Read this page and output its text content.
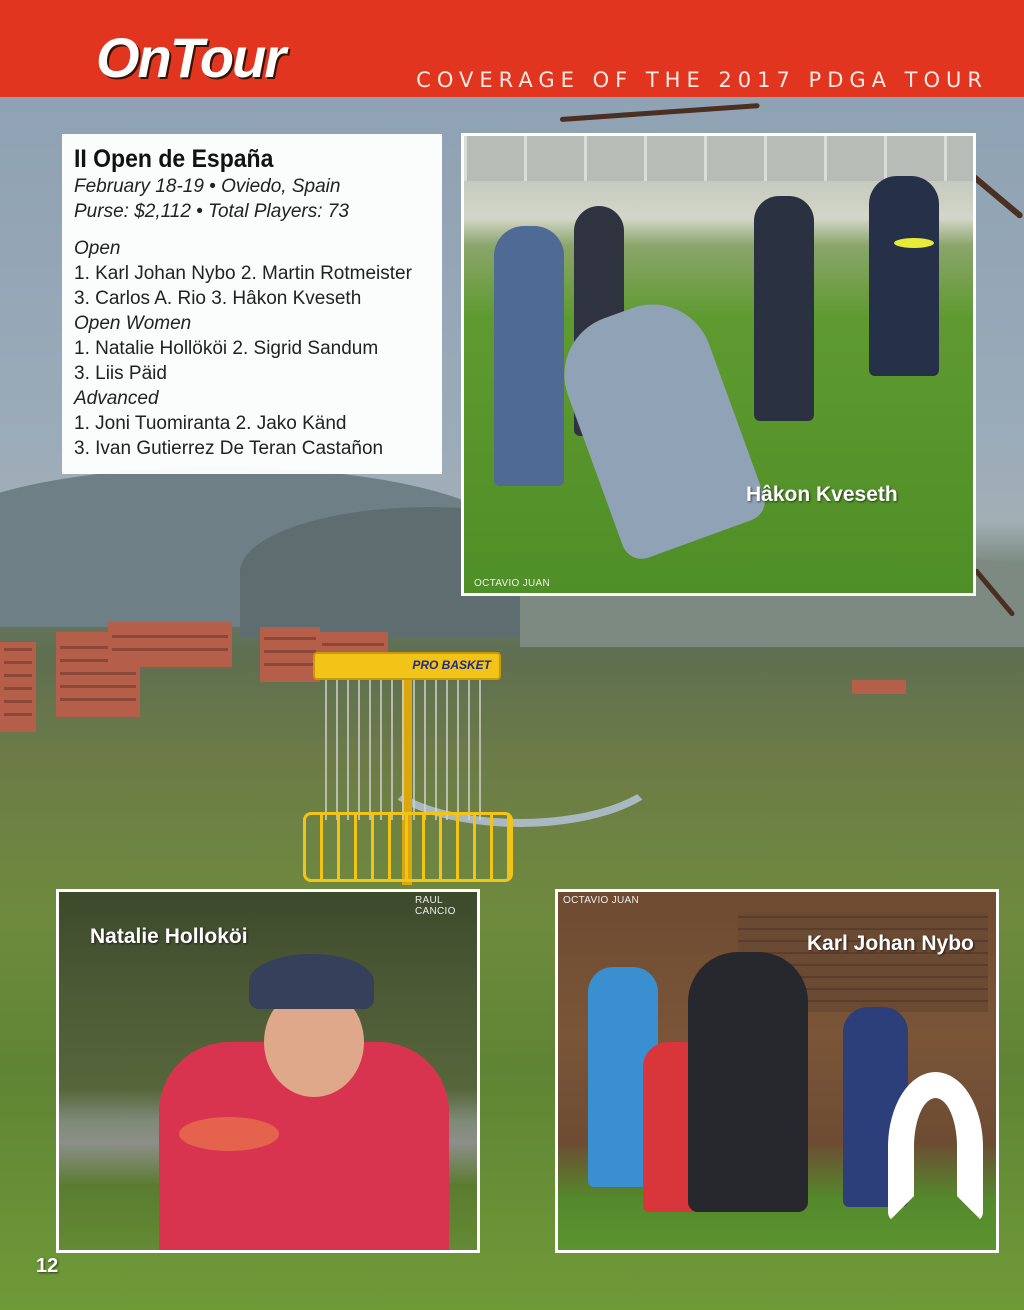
OnTour	COVERAGE OF THE 2017 PDGA TOUR
PRO BASKET
II Open de España
February 18-19 • Oviedo, Spain
Purse: $2,112 • Total Players: 73
Open
1. Karl Johan Nybo 2. Martin Rotmeister
3. Carlos A. Rio 3. Hâkon Kveseth
Open Women
1. Natalie Hollököi 2. Sigrid Sandum
3. Liis Päid
Advanced
1. Joni Tuomiranta 2. Jako Känd
3. Ivan Gutierrez De Teran Castañon
Hâkon Kveseth
OCTAVIO JUAN
Natalie Holloköi
RAUL CANCIO
Karl Johan Nybo
OCTAVIO JUAN
12
